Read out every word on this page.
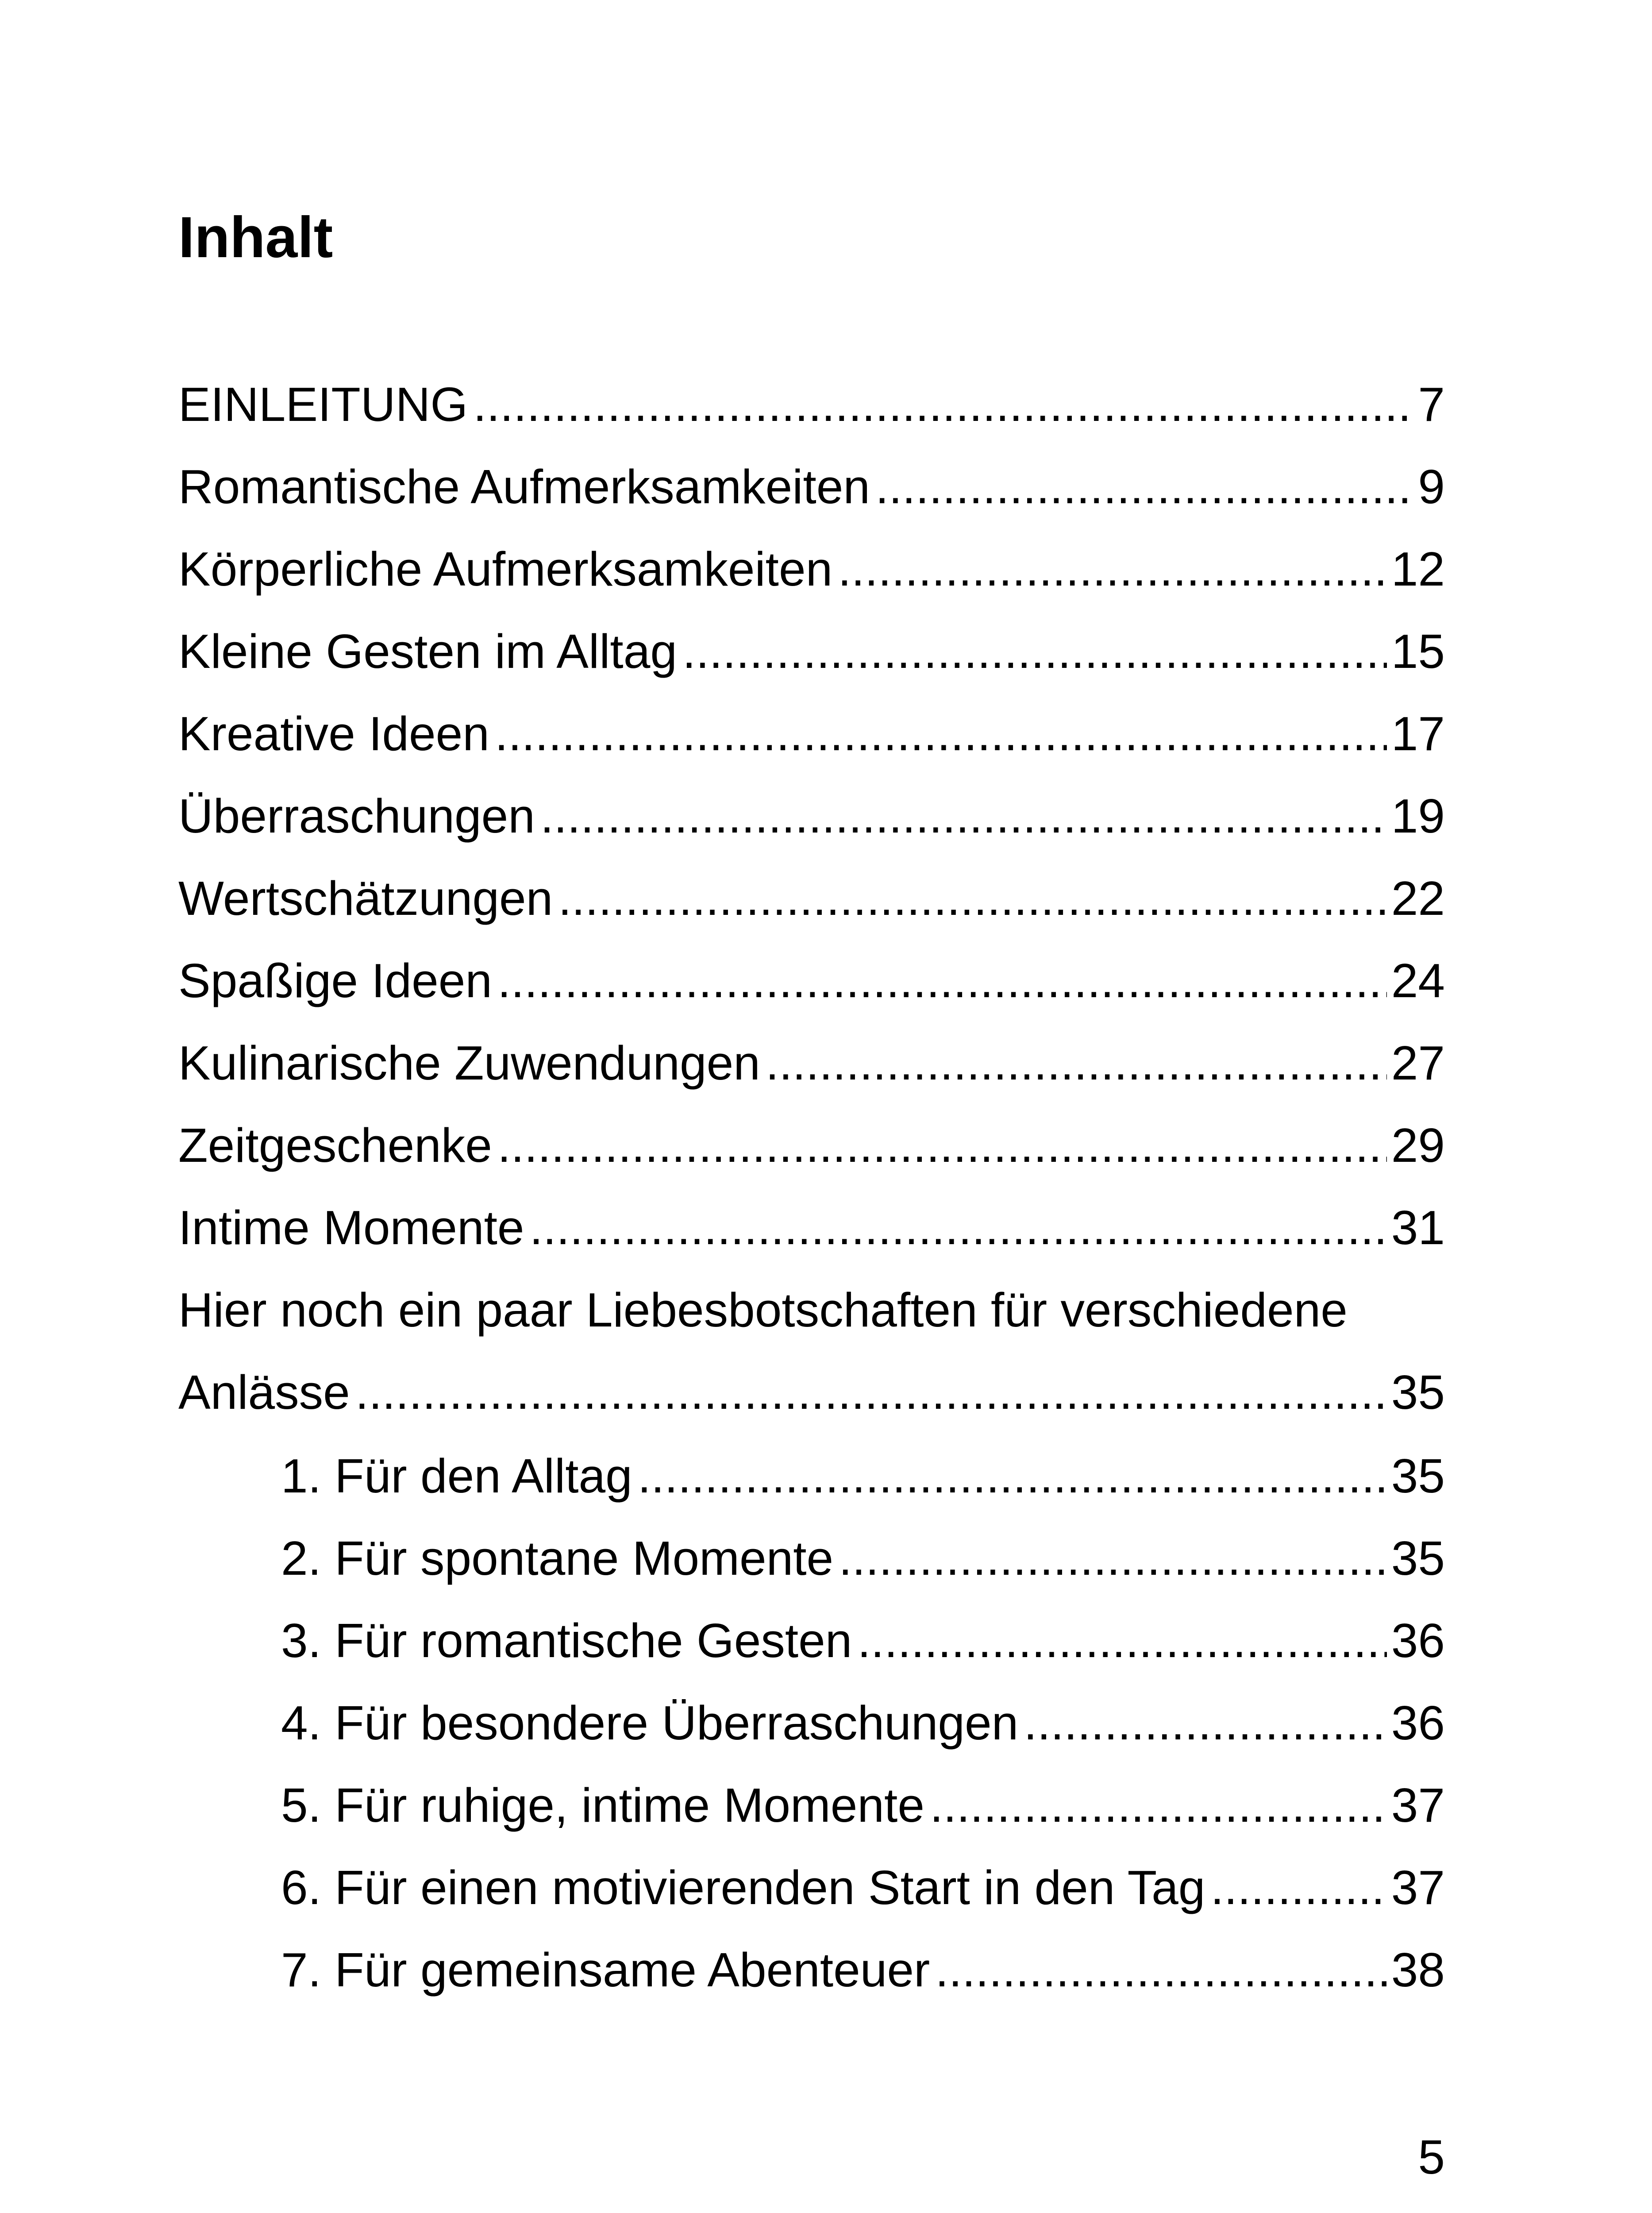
Inhalt
EINLEITUNG .....	7
Romantische Aufmerksamkeiten .....	9
Körperliche Aufmerksamkeiten .....	12
Kleine Gesten im Alltag .....	15
Kreative Ideen .....	17
Überraschungen .....	19
Wertschätzungen .....	22
Spaßige Ideen .....	24
Kulinarische Zuwendungen .....	27
Zeitgeschenke .....	29
Intime Momente .....	31
Hier noch ein paar Liebesbotschaften für verschiedene
Anlässe .....	35
1. Für den Alltag .....	35
2. Für spontane Momente .....	35
3. Für romantische Gesten .....	36
4. Für besondere Überraschungen .....	36
5. Für ruhige, intime Momente .....	37
6. Für einen motivierenden Start in den Tag .....	37
7. Für gemeinsame Abenteuer .....	38
5
